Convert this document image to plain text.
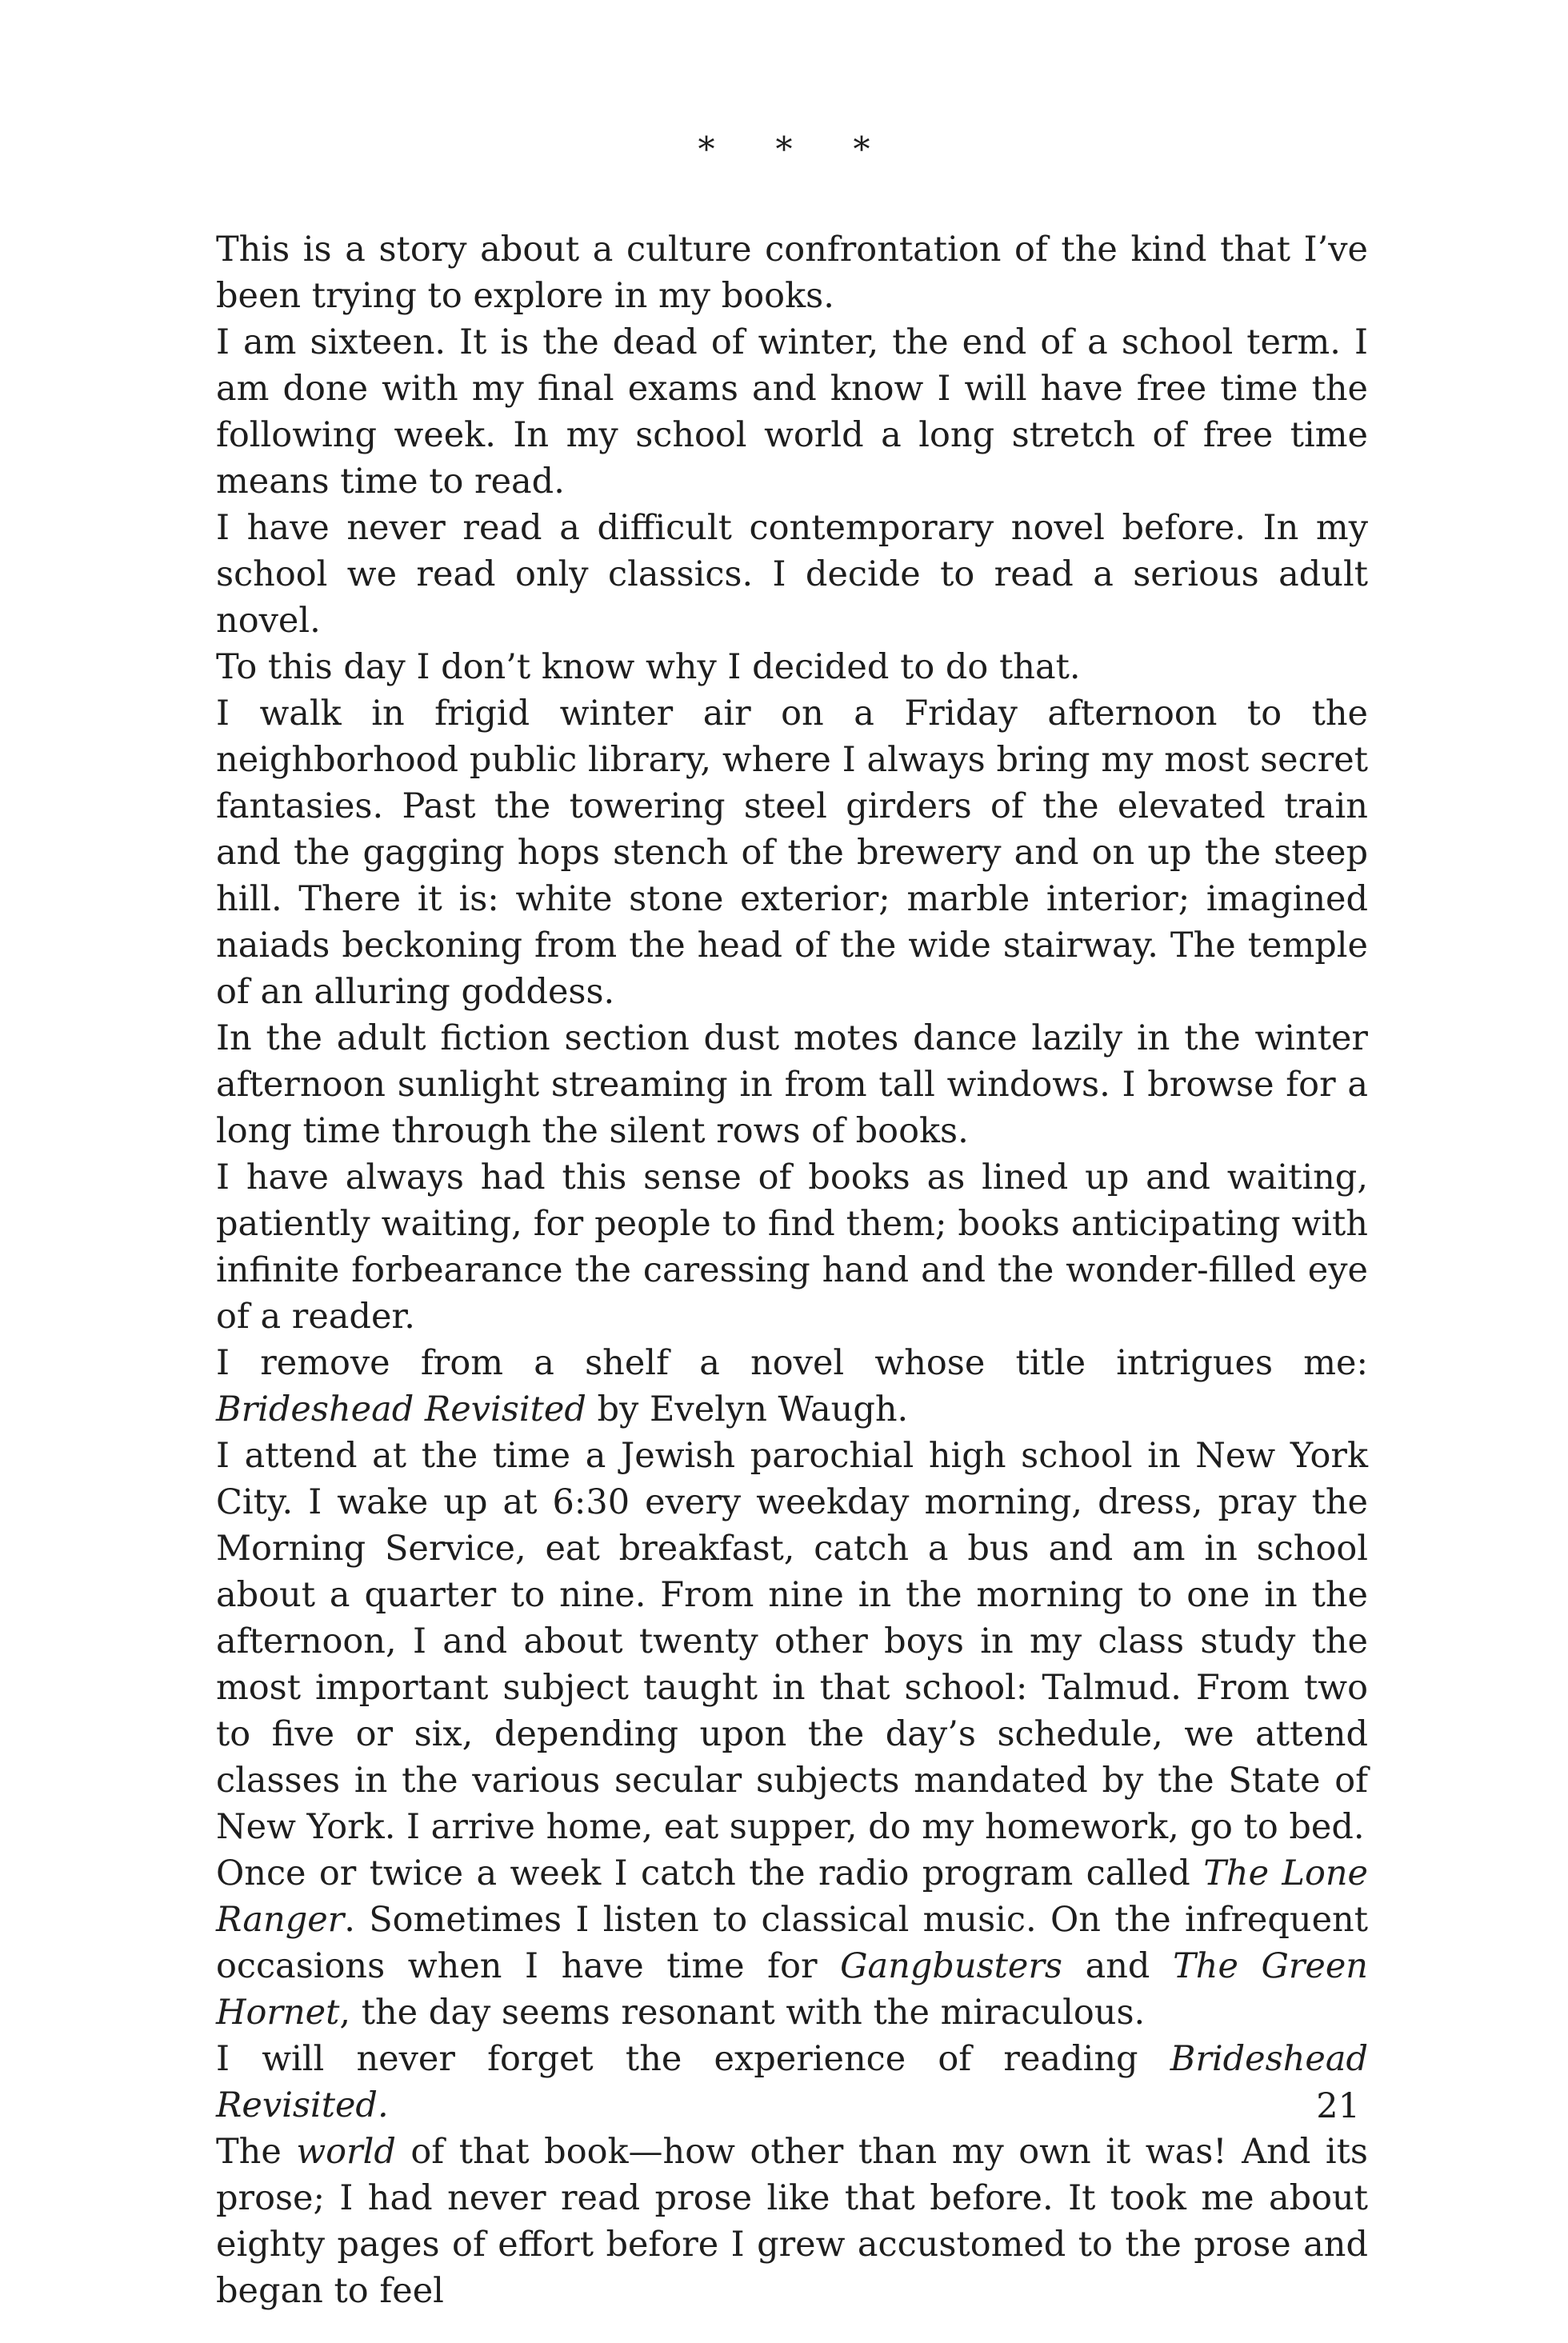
* * *

This is a story about a culture confrontation of the kind that I’ve been trying to explore in my books.

I am sixteen. It is the dead of winter, the end of a school term. I am done with my final exams and know I will have free time the following week. In my school world a long stretch of free time means time to read.

I have never read a difficult contemporary novel before. In my school we read only classics. I decide to read a serious adult novel.

To this day I don’t know why I decided to do that.

I walk in frigid winter air on a Friday afternoon to the neighborhood public library, where I always bring my most secret fantasies. Past the towering steel girders of the elevated train and the gagging hops stench of the brewery and on up the steep hill. There it is: white stone exterior; marble interior; imagined naiads beckoning from the head of the wide stairway. The temple of an alluring goddess.

In the adult fiction section dust motes dance lazily in the winter afternoon sunlight streaming in from tall windows. I browse for a long time through the silent rows of books.

I have always had this sense of books as lined up and waiting, patiently waiting, for people to find them; books anticipating with infinite forbearance the caressing hand and the wonder-filled eye of a reader.

I remove from a shelf a novel whose title intrigues me: Brideshead Revisited by Evelyn Waugh.

I attend at the time a Jewish parochial high school in New York City. I wake up at 6:30 every weekday morning, dress, pray the Morning Service, eat breakfast, catch a bus and am in school about a quarter to nine. From nine in the morning to one in the afternoon, I and about twenty other boys in my class study the most important subject taught in that school: Talmud. From two to five or six, depending upon the day’s schedule, we attend classes in the various secular subjects mandated by the State of New York. I arrive home, eat supper, do my homework, go to bed.

Once or twice a week I catch the radio program called The Lone Ranger. Sometimes I listen to classical music. On the infrequent occasions when I have time for Gangbusters and The Green Hornet, the day seems resonant with the miraculous.

I will never forget the experience of reading Brideshead Revisited.

The world of that book—how other than my own it was! And its prose; I had never read prose like that before. It took me about eighty pages of effort before I grew accustomed to the prose and began to feel

21
